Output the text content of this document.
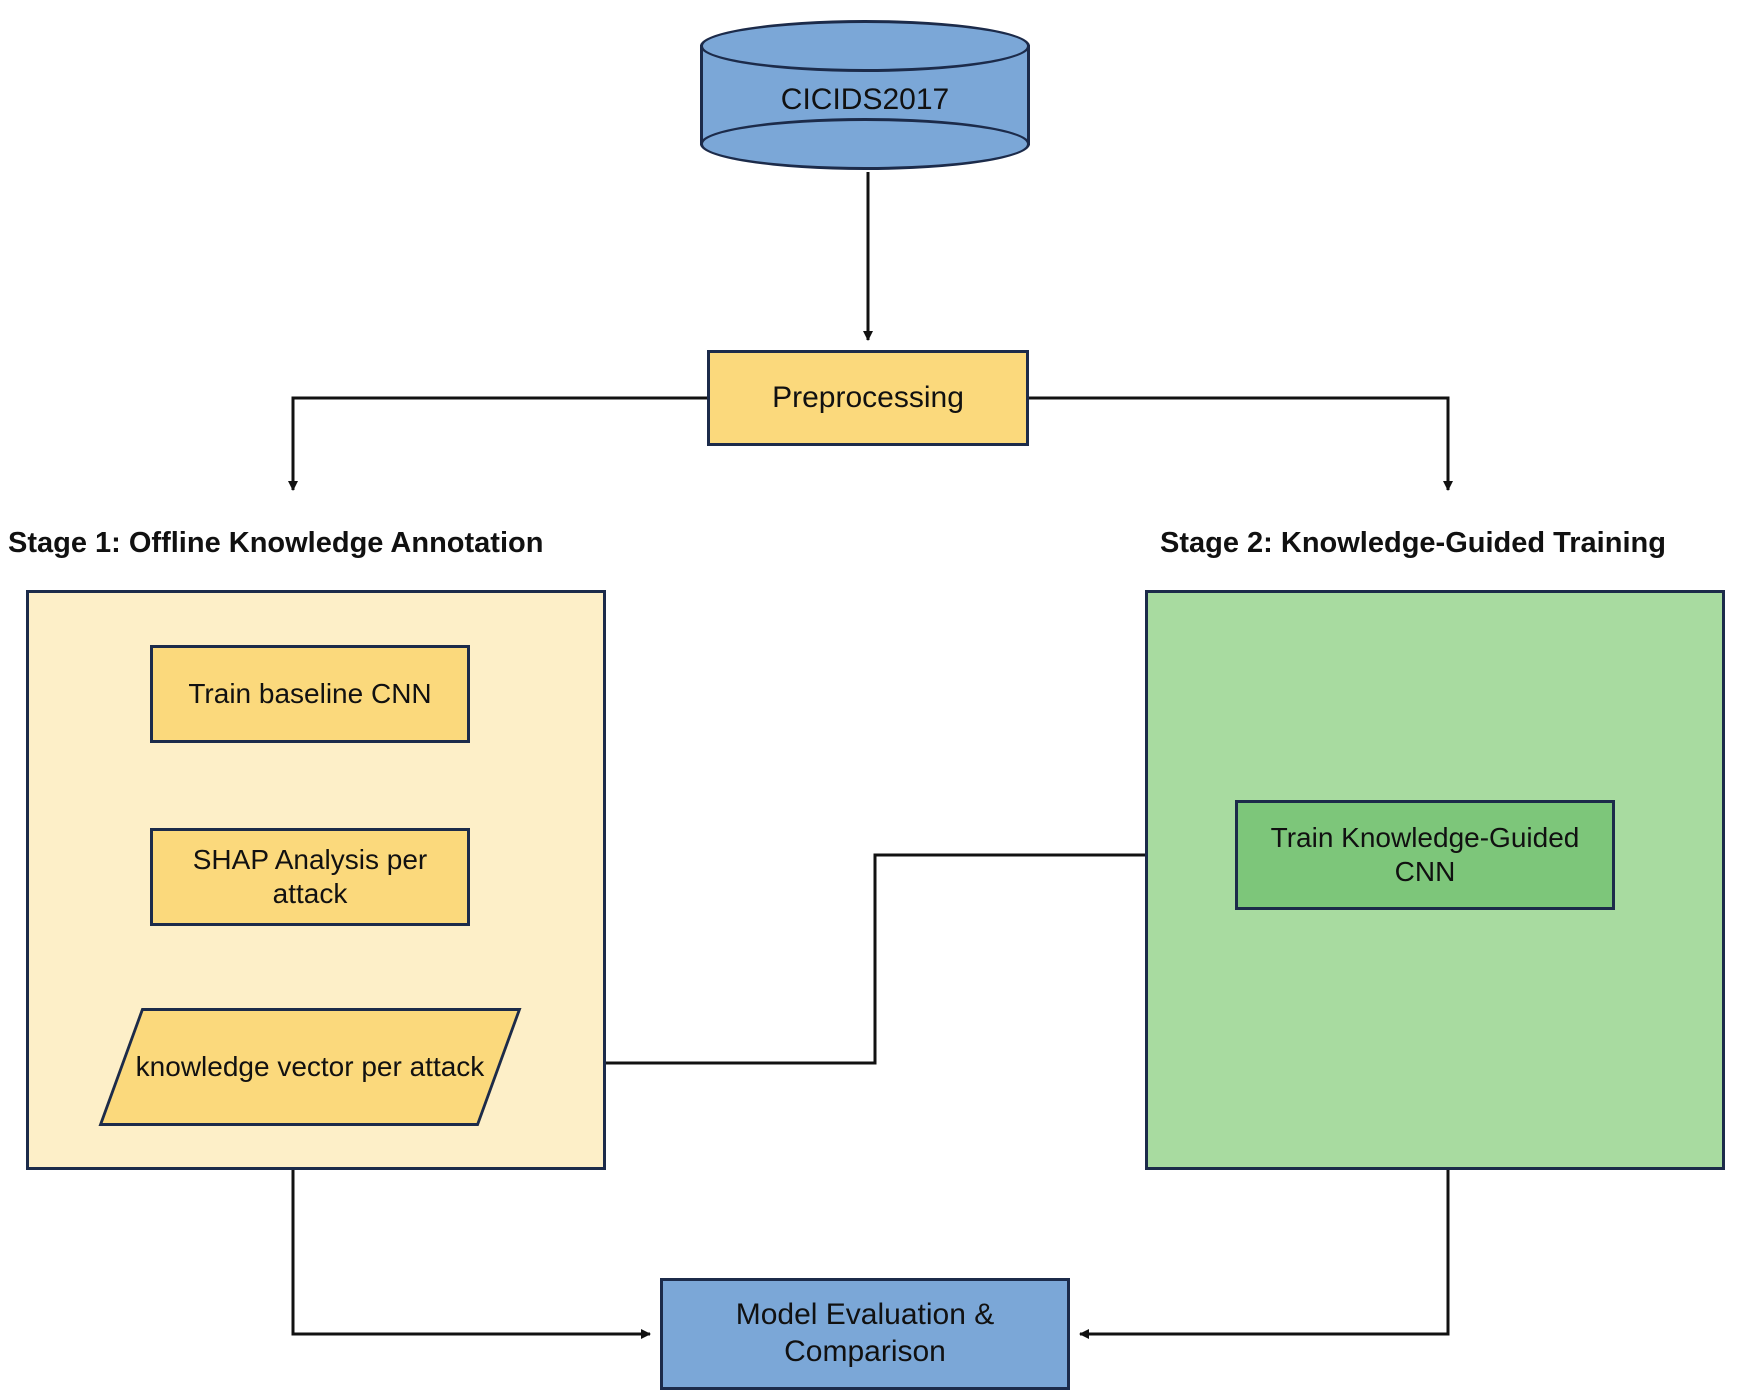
CICIDS2017
Preprocessing
Stage 1: Offline Knowledge Annotation	Stage 2: Knowledge-Guided Training
Train baseline CNN
SHAP Analysis per attack
knowledge vector per attack
Train Knowledge-Guided CNN
Model Evaluation & Comparison
